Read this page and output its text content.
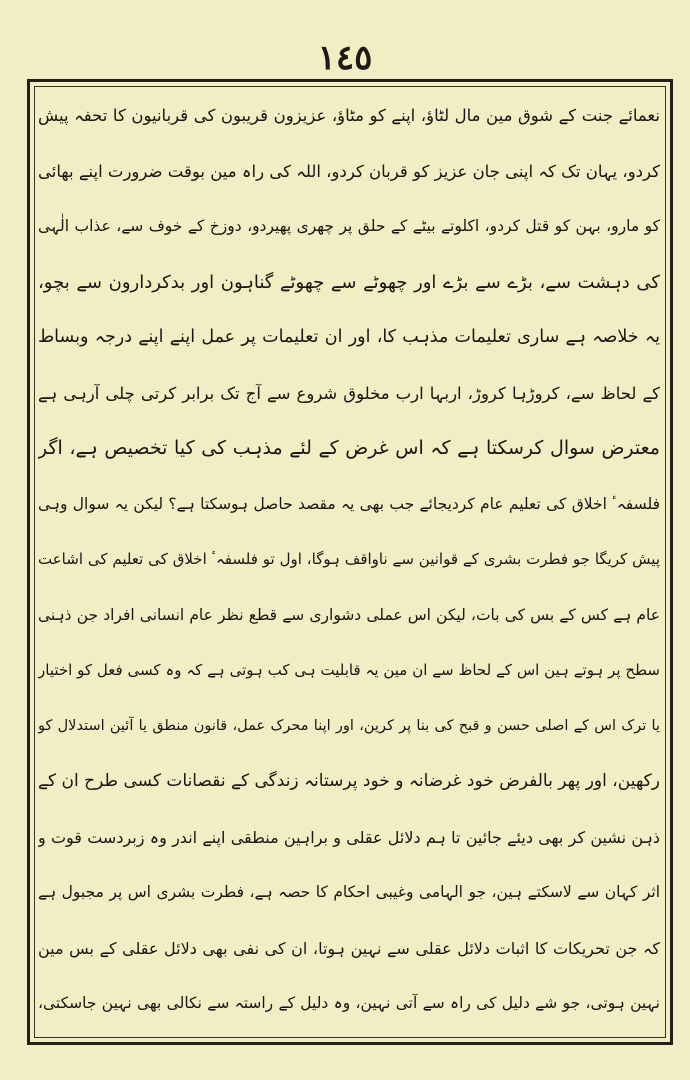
١٤٥
نعمائے جنت کے شوق مین مال لٹاؤ، اپنے کو مٹاؤ، عزیزون قریبون کی قربانیون کا تحفہ پیش
کردو، یہان تک کہ اپنی جان عزیز کو قربان کردو، اللہ کی راہ مین بوقت ضرورت اپنے بھائی
کو مارو، بہن کو قتل کردو، اکلوتے بیٹے کے حلق پر چھری پھیردو، دوزخ کے خوف سے، عذاب الٰہی
کی دہشت سے، بڑے سے بڑے اور چھوٹے سے چھوٹے گناہون اور بدکردارون سے بچو،
یہ خلاصہ ہے ساری تعلیمات مذہب کا، اور ان تعلیمات پر عمل اپنے اپنے درجہ وبساط
کے لحاظ سے، کروڑہا کروڑ، اربہا ارب مخلوق شروع سے آج تک برابر کرتی چلی آرہی ہے
معترض سوال کرسکتا ہے کہ اس غرض کے لئے مذہب کی کیا تخصیص ہے، اگر
فلسفہٴ اخلاق کی تعلیم عام کردیجائے جب بھی یہ مقصد حاصل ہوسکتا ہے؟ لیکن یہ سوال وہی
پیش کریگا جو فطرت بشری کے قوانین سے ناواقف ہوگا، اول تو فلسفہٴ اخلاق کی تعلیم کی اشاعت
عام ہے کس کے بس کی بات، لیکن اس عملی دشواری سے قطع نظر عام انسانی افراد جن ذہنی
سطح پر ہوتے ہین اس کے لحاظ سے ان مین یہ قابلیت ہی کب ہوتی ہے کہ وہ کسی فعل کو اختیار
یا ترک اس کے اصلی حسن و قبح کی بنا پر کرین، اور اپنا محرک عمل، قانون منطق یا آئین استدلال کو
رکھین، اور پھر بالفرض خود غرضانہ و خود پرستانہ زندگی کے نقصانات کسی طرح ان کے
ذہن نشین کر بھی دیئے جائین تا ہم دلائل عقلی و براہین منطقی اپنے اندر وہ زبردست قوت و
اثر کہان سے لاسکتے ہین، جو الہامی وغیبی احکام کا حصہ ہے، فطرت بشری اس پر مجبول ہے
کہ جن تحریکات کا اثبات دلائل عقلی سے نہین ہوتا، ان کی نفی بھی دلائل عقلی کے بس مین
نہین ہوتی، جو شے دلیل کی راہ سے آتی نہین، وہ دلیل کے راستہ سے نکالی بھی نہین جاسکتی،
